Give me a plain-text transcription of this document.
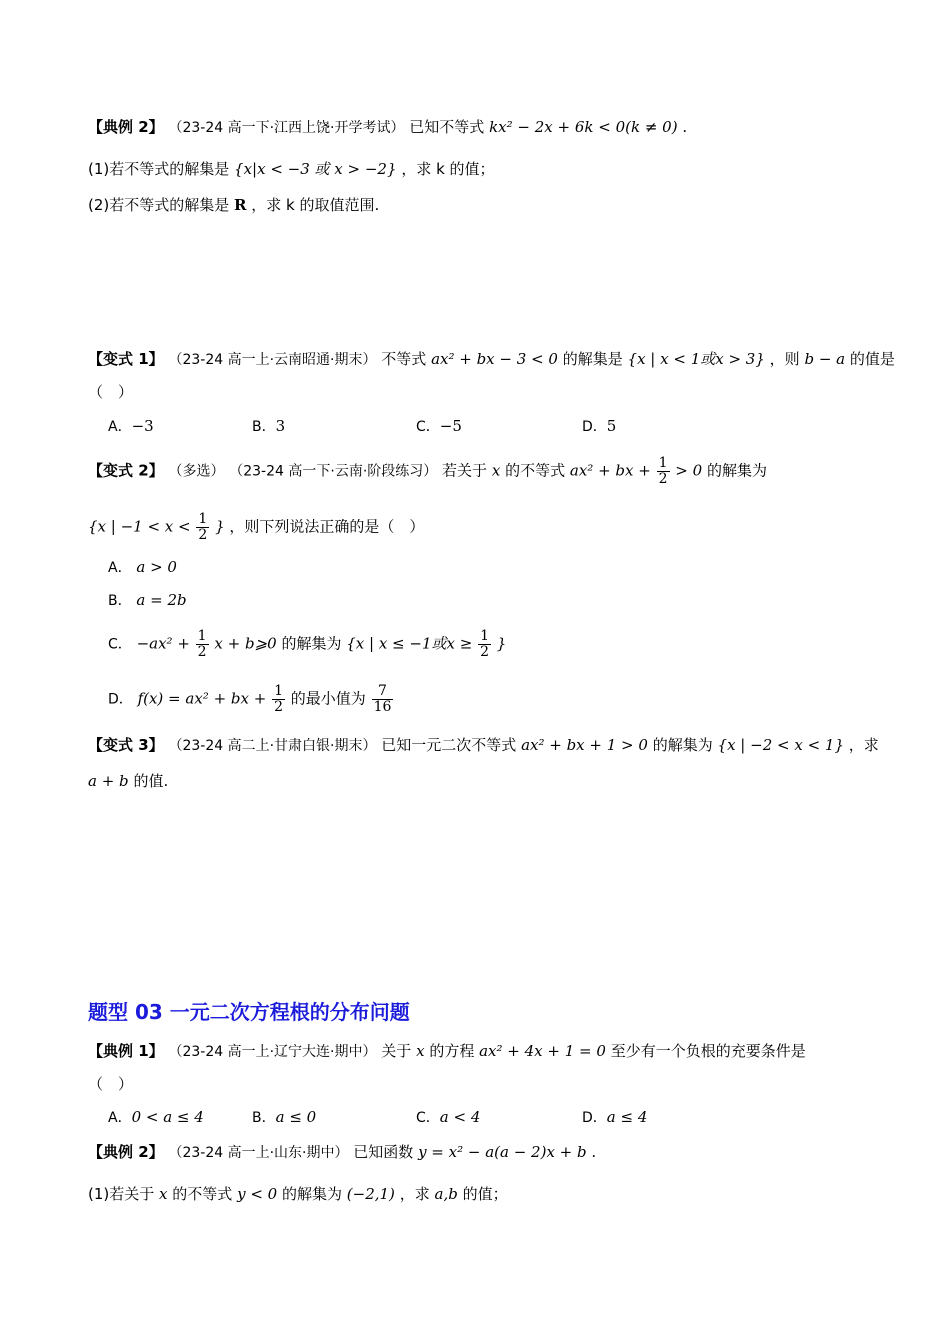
【典例 2】 （23-24 高一下·江西上饶·开学考试） 已知不等式 kx² − 2x + 6k < 0(k ≠ 0) .
(1)若不等式的解集是 {x|x < −3 或 x > −2} ，求 k 的值；
(2)若不等式的解集是 R ，求 k 的取值范围.
【变式 1】 （23-24 高一上·云南昭通·期末） 不等式 ax² + bx − 3 < 0 的解集是 {x | x < 1或x > 3} ，则 b − a 的值是
（　）
A．−3	B．3	C．−5	D．5
【变式 2】 （多选） （23-24 高一下·云南·阶段练习） 若关于 x 的不等式 ax² + bx + $\frac{1}{2} > 0$ 的解集为
{x | $-1 < x < \frac{1}{2}$ } ，则下列说法正确的是（　）
A． a > 0
B． a = 2b
C． $-ax^2 + \frac{1}{2}$ x + b⩾0 的解集为 {x | x ≤ −1或$x \ge \frac{1}{2}$ }
D． f(x) = ax² + bx + $\frac{1}{2}$ 的最小值为 $\frac{7}{16}$
【变式 3】 （23-24 高二上·甘肃白银·期末） 已知一元二次不等式 ax² + bx + 1 > 0 的解集为 {x | −2 < x < 1} ，求
a + b 的值.
题型 03 一元二次方程根的分布问题
【典例 1】 （23-24 高一上·辽宁大连·期中） 关于 x 的方程 ax² + 4x + 1 = 0 至少有一个负根的充要条件是
（　）
A．0 < a ≤ 4	B．a ≤ 0	C．a < 4	D．a ≤ 4
【典例 2】 （23-24 高一上·山东·期中） 已知函数 y = x² − a(a − 2)x + b .
(1)若关于 x 的不等式 y < 0 的解集为 (−2,1) ，求 a,b 的值；
